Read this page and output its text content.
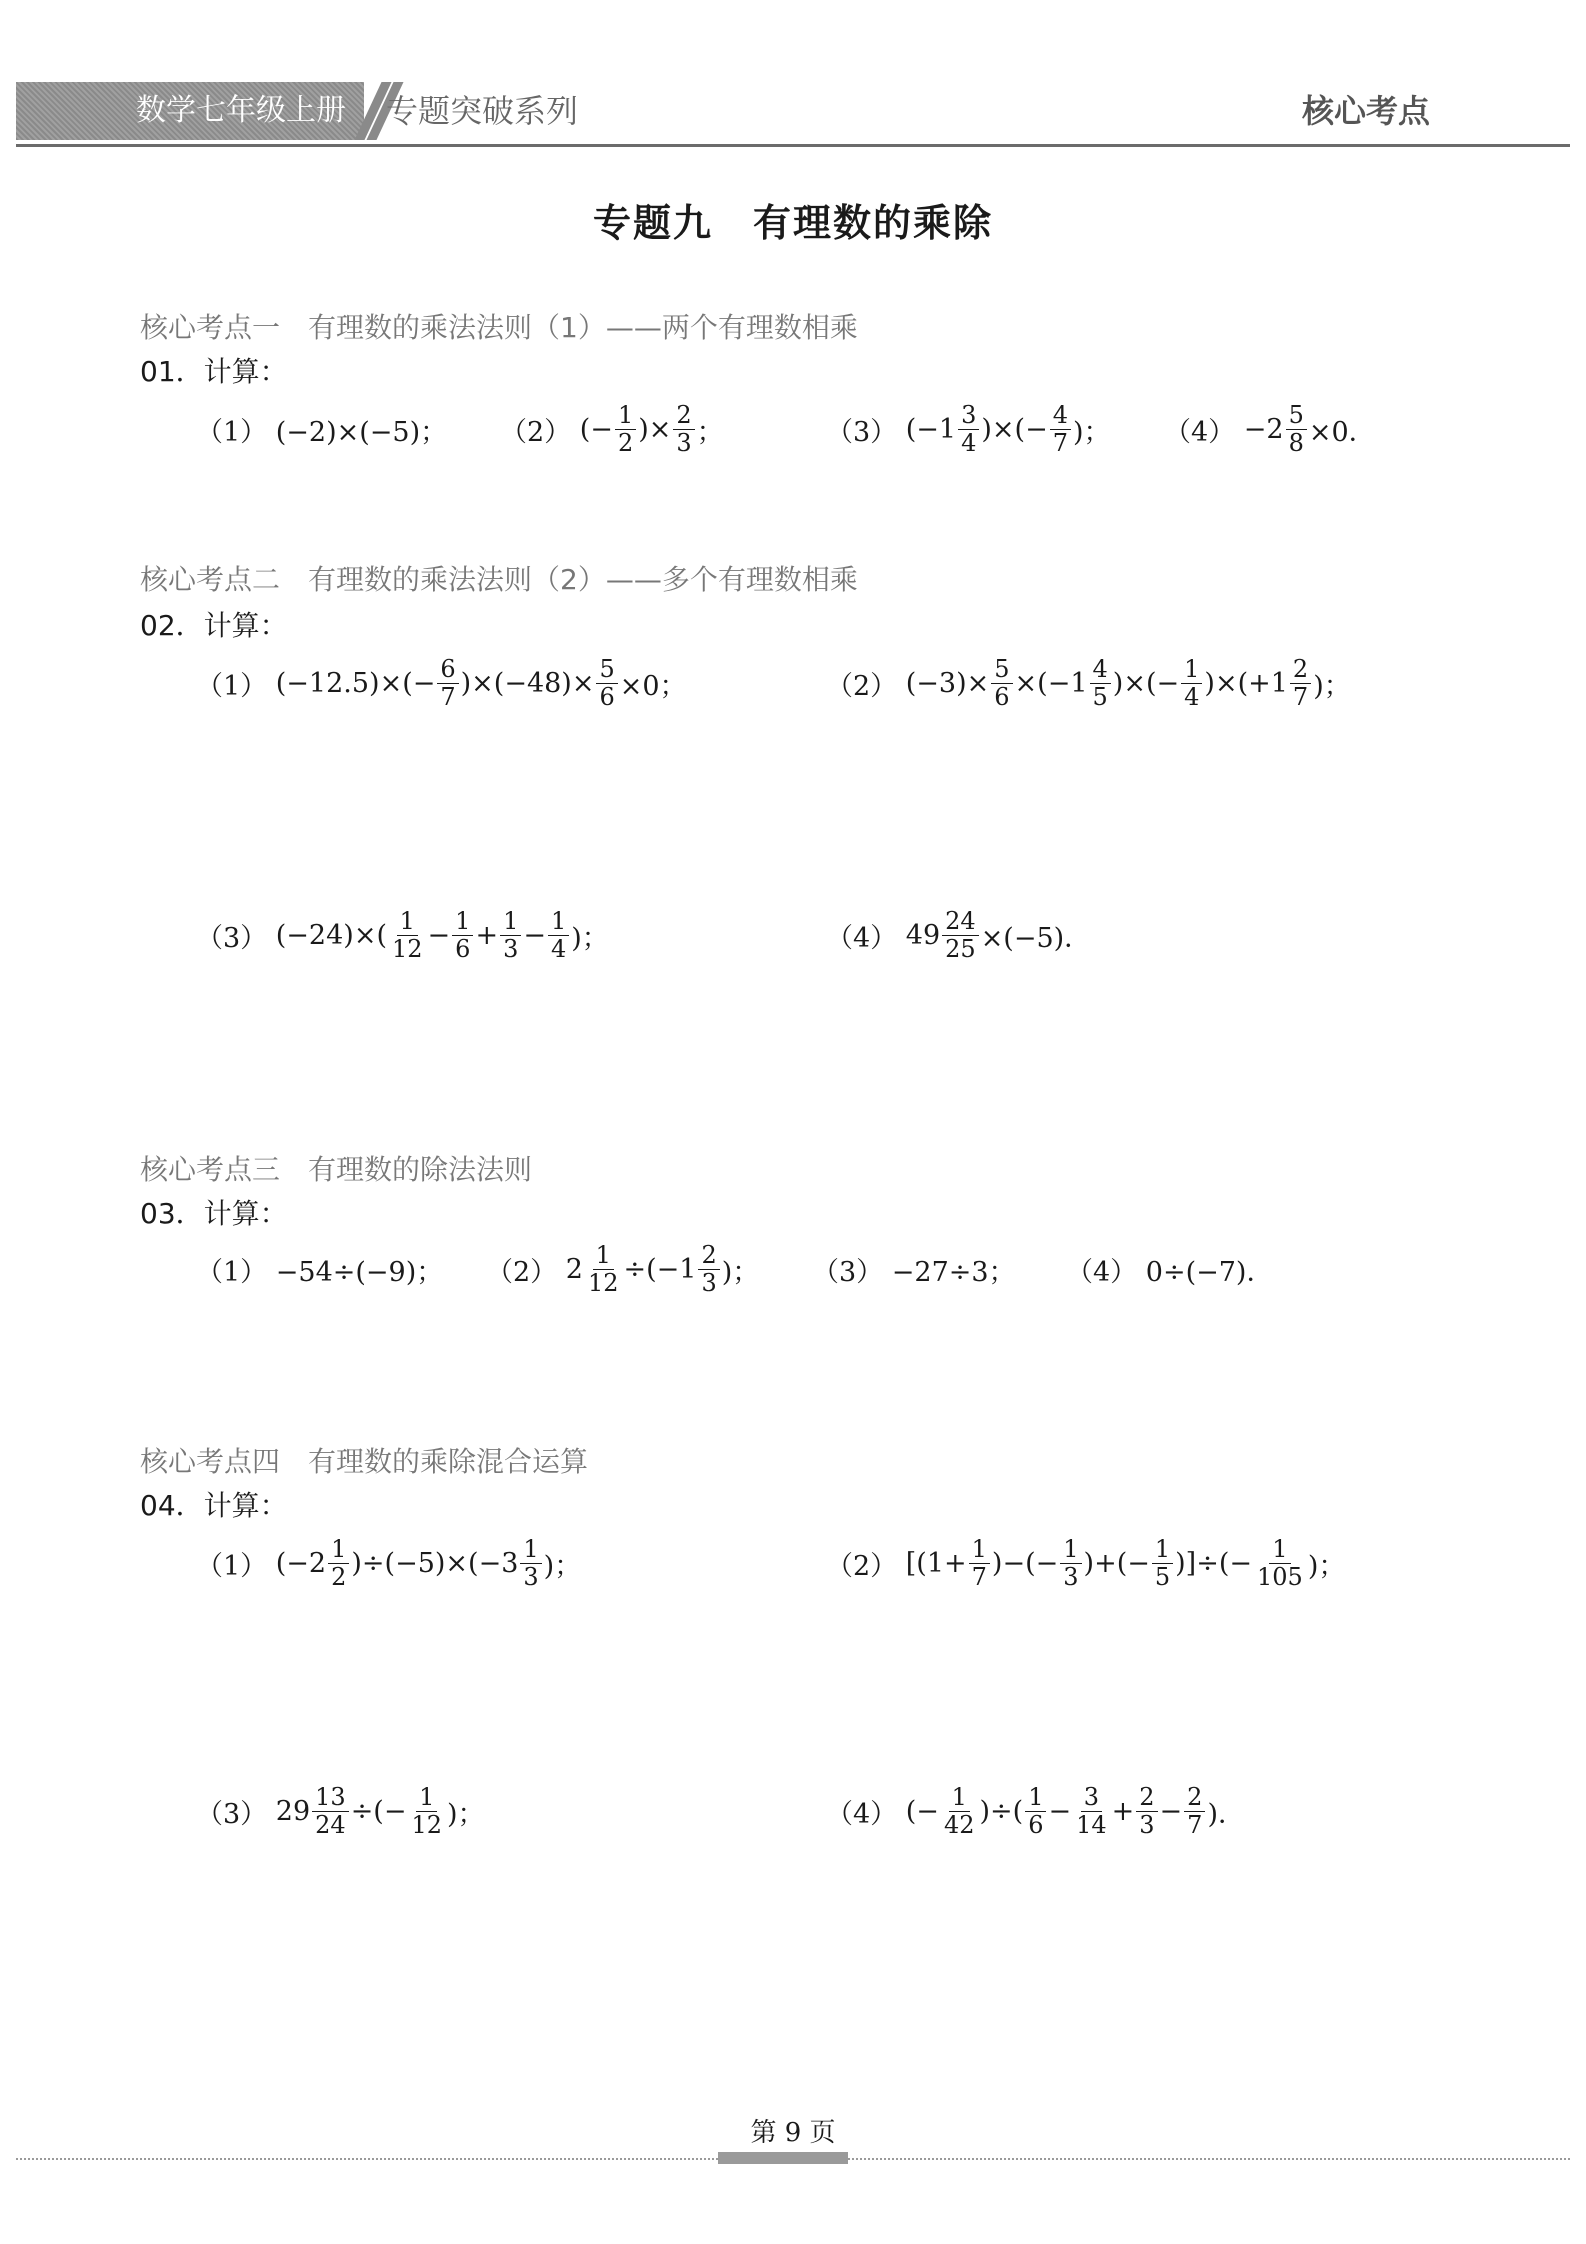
数学七年级上册	专题突破系列	核心考点
专题九　有理数的乘除
核心考点一　有理数的乘法法则（1）——两个有理数相乘
01．计算：
（1） (−2)×(−5)； （2） (− $\frac{1}{2}$ )× $\frac{2}{3}$ ；	（3） ($-1 \frac{3}{4}$ )×(− $\frac{4}{7}$ )； $(4) -2 \frac{5}{8} \times 0$．
核心考点二　有理数的乘法法则（2）——多个有理数相乘
02．计算：
（1） $(-12.5)\times(- \frac{6}{7} )\times(-48)\times \frac{5}{6} \times 0$；	（2） $(-3)\times \frac{5}{6} \times(-1 \frac{4}{5}$ )×(− $\frac{1}{4} )\times(+1 \frac{2}{7}$ )；
（3） $(-24)\times( \frac{1}{12} - \frac{1}{6} + \frac{1}{3} - \frac{1}{4}$ )；	（4） $49 \frac{24}{25} \times(-5)$．
核心考点三　有理数的除法法则
03．计算：
（1） −54÷(−9)； （2） $2 \frac{1}{12} \div(-1 \frac{2}{3}$ )； （3） −27÷3； （4） 0÷(−7)．
核心考点四　有理数的乘除混合运算
04．计算：
（1） $(-2 \frac{1}{2} )\div(-5)\times(-3 \frac{1}{3}$ )；	（2） [($1+ \frac{1}{7}$ )−(− $\frac{1}{3}$ )+(− $\frac{1}{5}$ )]÷(− $\frac{1}{105}$ )；
（3） $29 \frac{13}{24}$ ÷(− $\frac{1}{12}$ )；	（4） (− $\frac{1}{42}$ )÷( $\frac{1}{6} - \frac{3}{14} + \frac{2}{3} - \frac{2}{7}$ )．
第 9 页
